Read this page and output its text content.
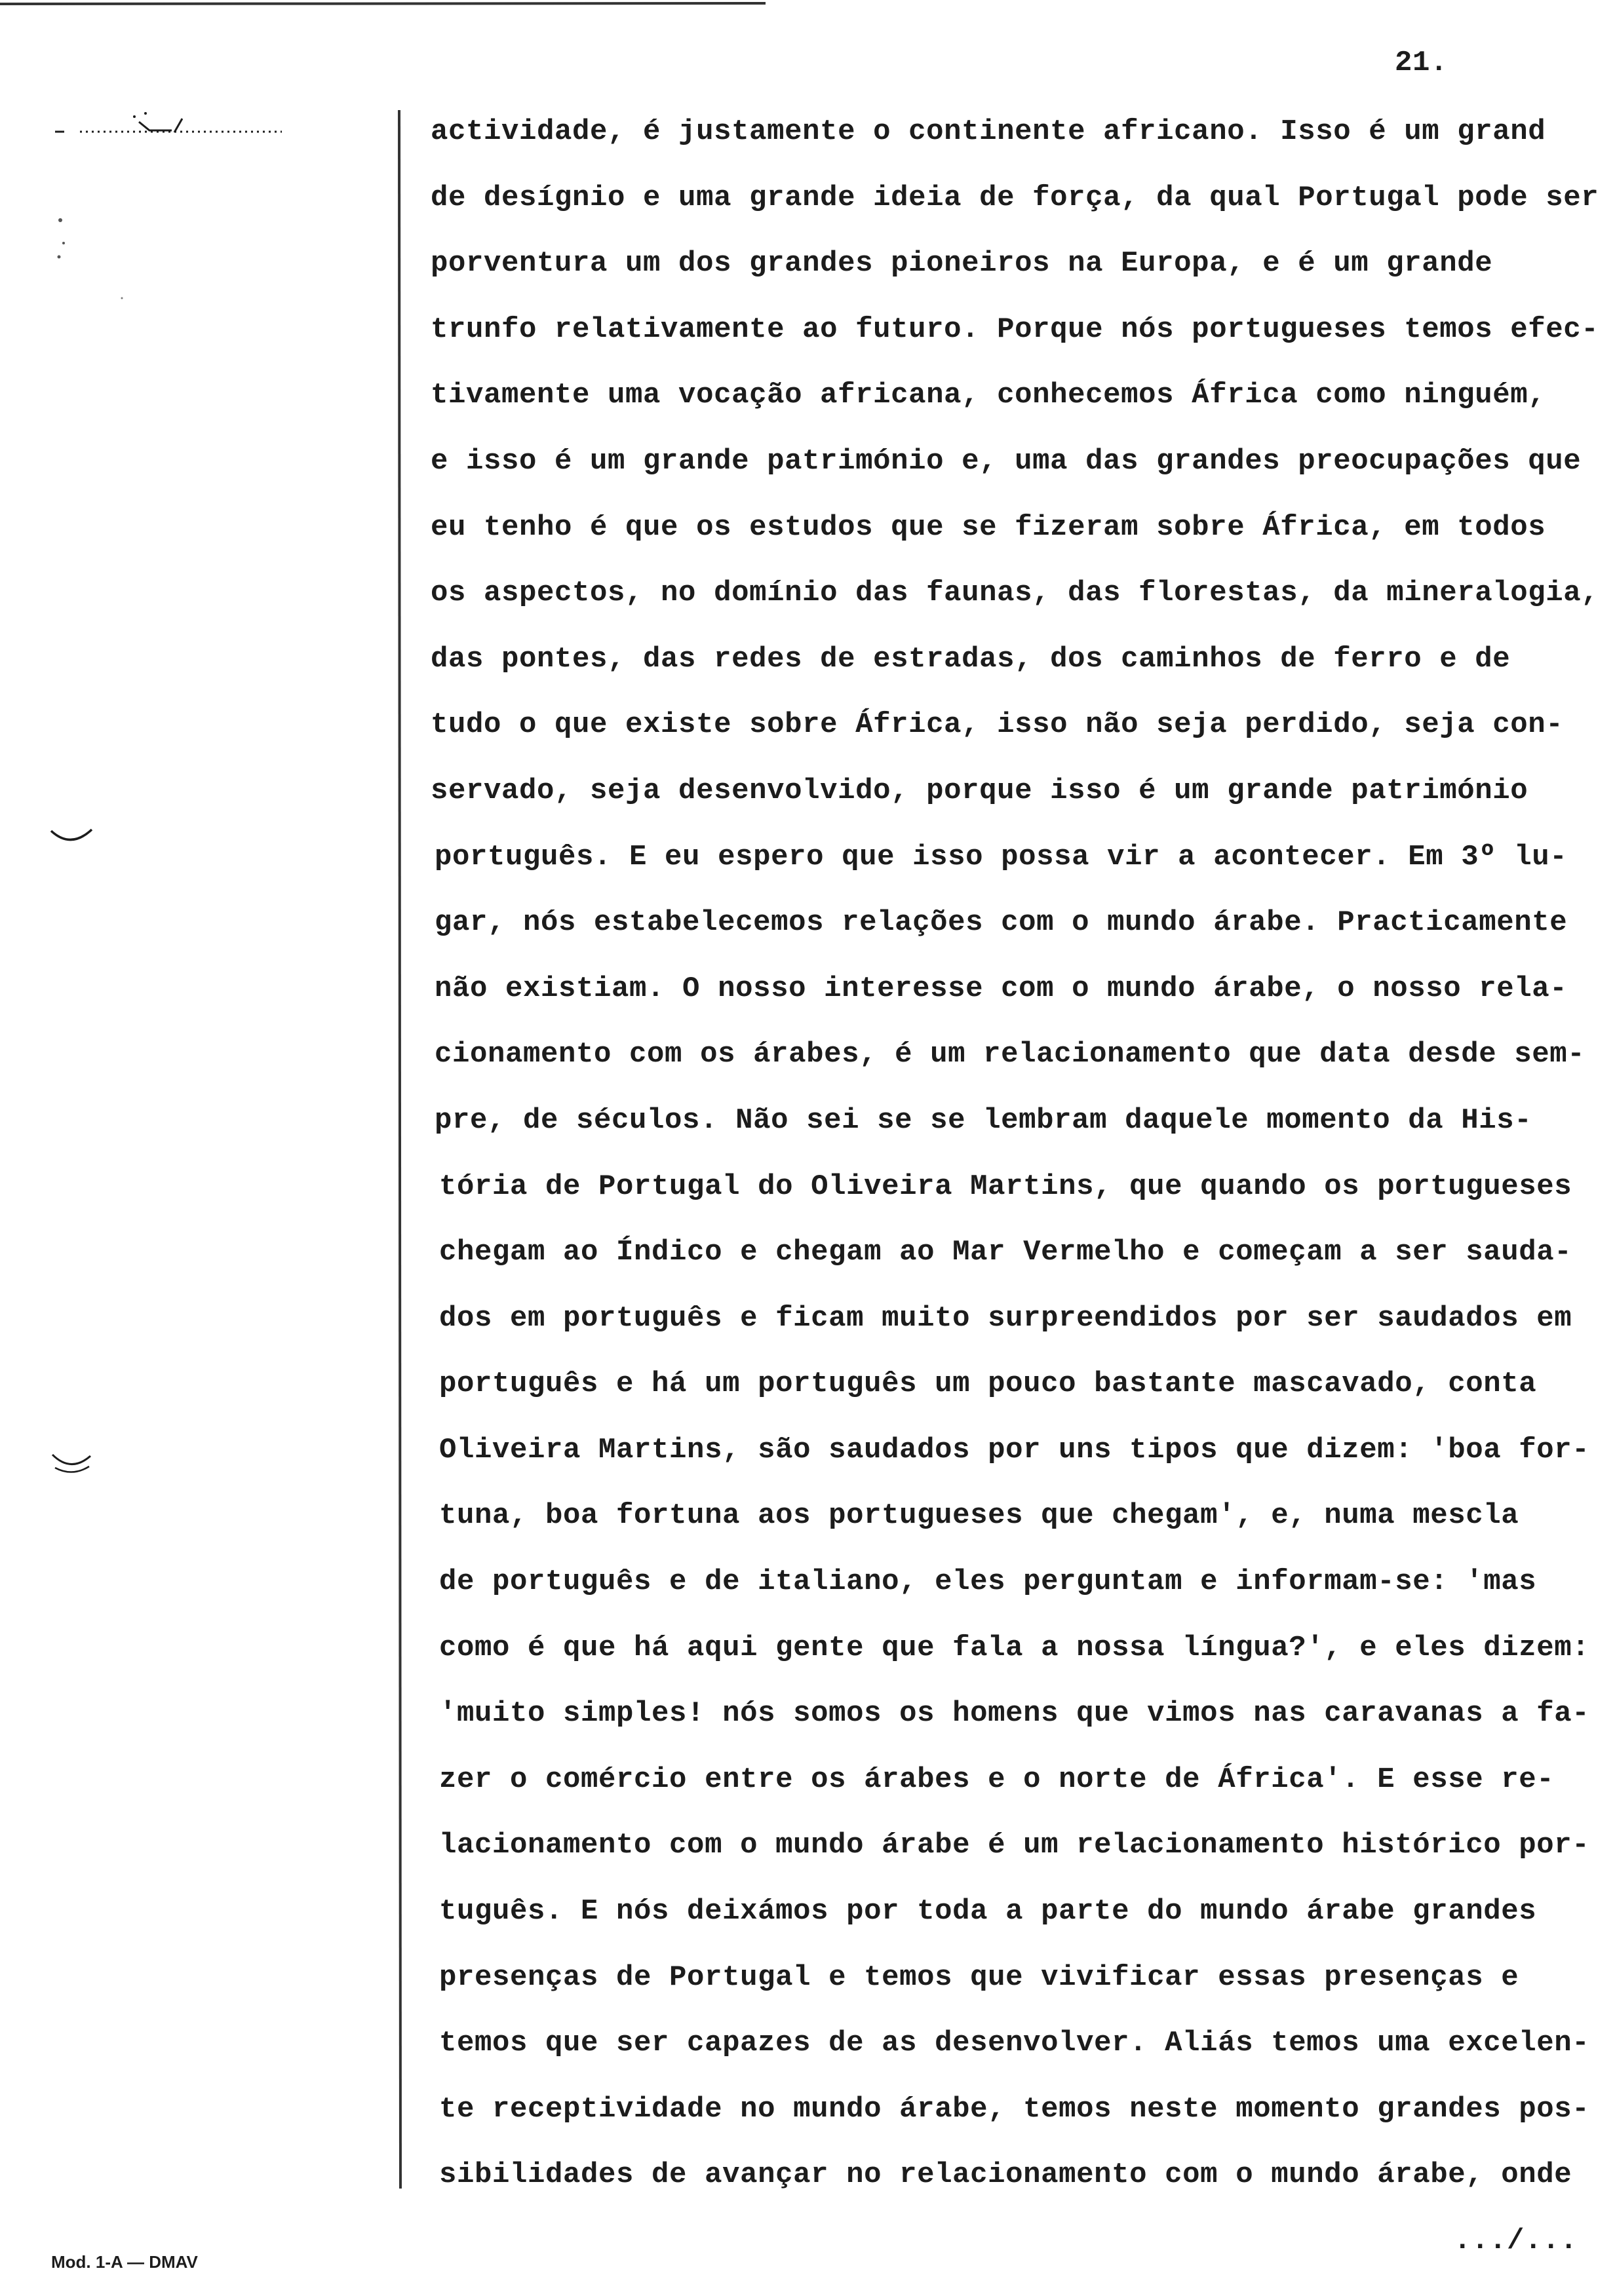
21.
actividade, é justamente o continente africano. Isso é um grand
de desígnio e uma grande ideia de força, da qual Portugal pode ser
porventura um dos grandes pioneiros na Europa, e é um grande
trunfo relativamente ao futuro. Porque nós portugueses temos efec-
tivamente uma vocação africana, conhecemos África como ninguém,
e isso é um grande património e, uma das grandes preocupações que
eu tenho é que os estudos que se fizeram sobre África, em todos
os aspectos, no domínio das faunas, das florestas, da mineralogia,
das pontes, das redes de estradas, dos caminhos de ferro e de
tudo o que existe sobre África, isso não seja perdido, seja con-
servado, seja desenvolvido, porque isso é um grande património
português. E eu espero que isso possa vir a acontecer. Em 3º lu-
gar, nós estabelecemos relações com o mundo árabe. Practicamente
não existiam. O nosso interesse com o mundo árabe, o nosso rela-
cionamento com os árabes, é um relacionamento que data desde sem-
pre, de séculos. Não sei se se lembram daquele momento da His-
tória de Portugal do Oliveira Martins, que quando os portugueses
chegam ao Índico e chegam ao Mar Vermelho e começam a ser sauda-
dos em português e ficam muito surpreendidos por ser saudados em
português e há um português um pouco bastante mascavado, conta
Oliveira Martins, são saudados por uns tipos que dizem: 'boa for-
tuna, boa fortuna aos portugueses que chegam', e, numa mescla
de português e de italiano, eles perguntam e informam-se: 'mas
como é que há aqui gente que fala a nossa língua?', e eles dizem:
'muito simples! nós somos os homens que vimos nas caravanas a fa-
zer o comércio entre os árabes e o norte de África'. E esse re-
lacionamento com o mundo árabe é um relacionamento histórico por-
tuguês. E nós deixámos por toda a parte do mundo árabe grandes
presenças de Portugal e temos que vivificar essas presenças e
temos que ser capazes de as desenvolver. Aliás temos uma excelen-
te receptividade no mundo árabe, temos neste momento grandes pos-
sibilidades de avançar no relacionamento com o mundo árabe, onde
.../...
Mod. 1-A — DMAV
